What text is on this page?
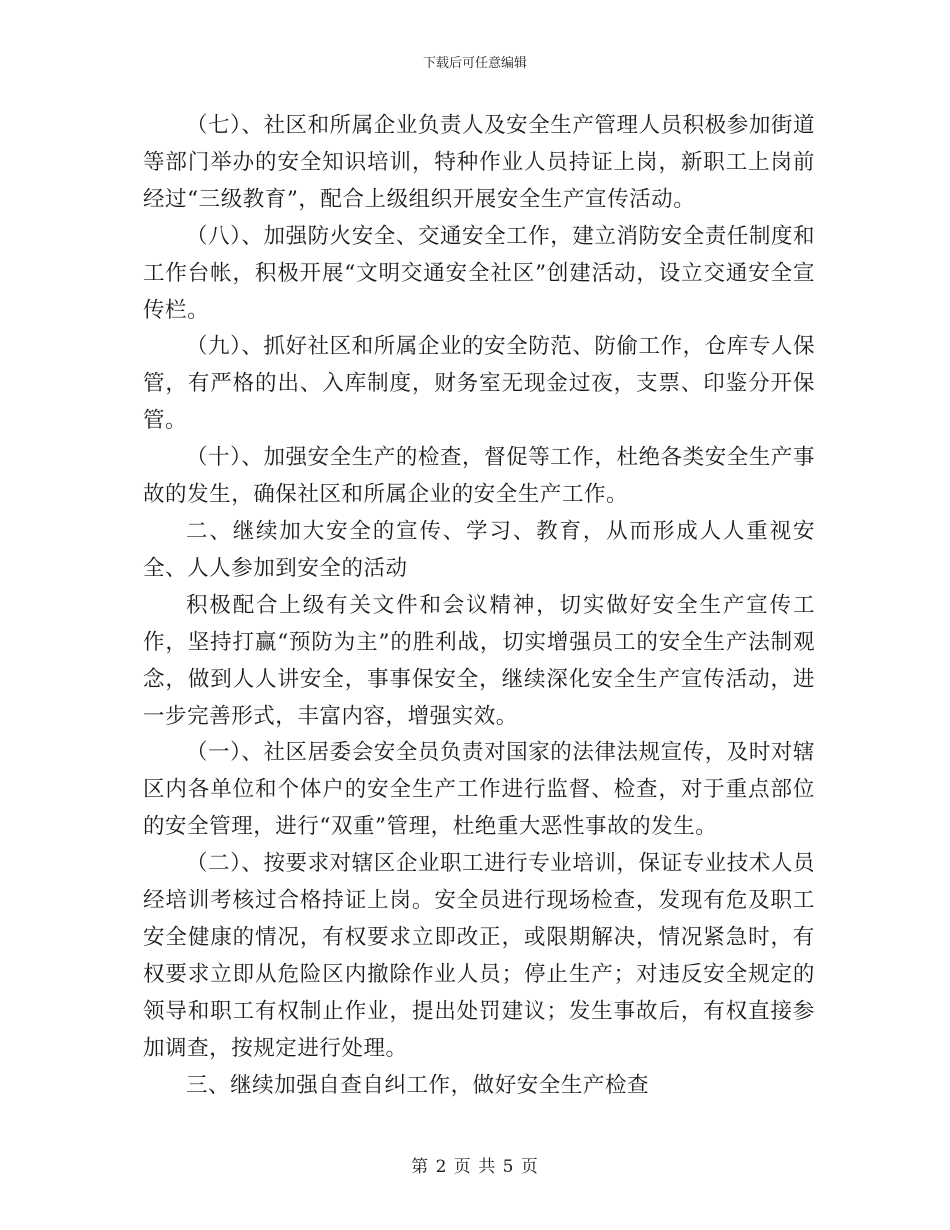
下载后可任意编辑

（七）、社区和所属企业负责人及安全生产管理人员积极参加街道等部门举办的安全知识培训，特种作业人员持证上岗，新职工上岗前经过“三级教育”，配合上级组织开展安全生产宣传活动。

（八）、加强防火安全、交通安全工作，建立消防安全责任制度和工作台帐，积极开展“文明交通安全社区”创建活动，设立交通安全宣传栏。

（九）、抓好社区和所属企业的安全防范、防偷工作，仓库专人保管，有严格的出、入库制度，财务室无现金过夜，支票、印鉴分开保管。

（十）、加强安全生产的检查，督促等工作，杜绝各类安全生产事故的发生，确保社区和所属企业的安全生产工作。

二、继续加大安全的宣传、学习、教育，从而形成人人重视安全、人人参加到安全的活动

积极配合上级有关文件和会议精神，切实做好安全生产宣传工作，坚持打赢“预防为主”的胜利战，切实增强员工的安全生产法制观念，做到人人讲安全，事事保安全，继续深化安全生产宣传活动，进一步完善形式，丰富内容，增强实效。

（一）、社区居委会安全员负责对国家的法律法规宣传，及时对辖区内各单位和个体户的安全生产工作进行监督、检查，对于重点部位的安全管理，进行“双重”管理，杜绝重大恶性事故的发生。

（二）、按要求对辖区企业职工进行专业培训，保证专业技术人员经培训考核过合格持证上岗。安全员进行现场检查，发现有危及职工安全健康的情况，有权要求立即改正，或限期解决，情况紧急时，有权要求立即从危险区内撤除作业人员；停止生产；对违反安全规定的领导和职工有权制止作业，提出处罚建议；发生事故后，有权直接参加调查，按规定进行处理。

三、继续加强自查自纠工作，做好安全生产检查

第 2 页 共 5 页
